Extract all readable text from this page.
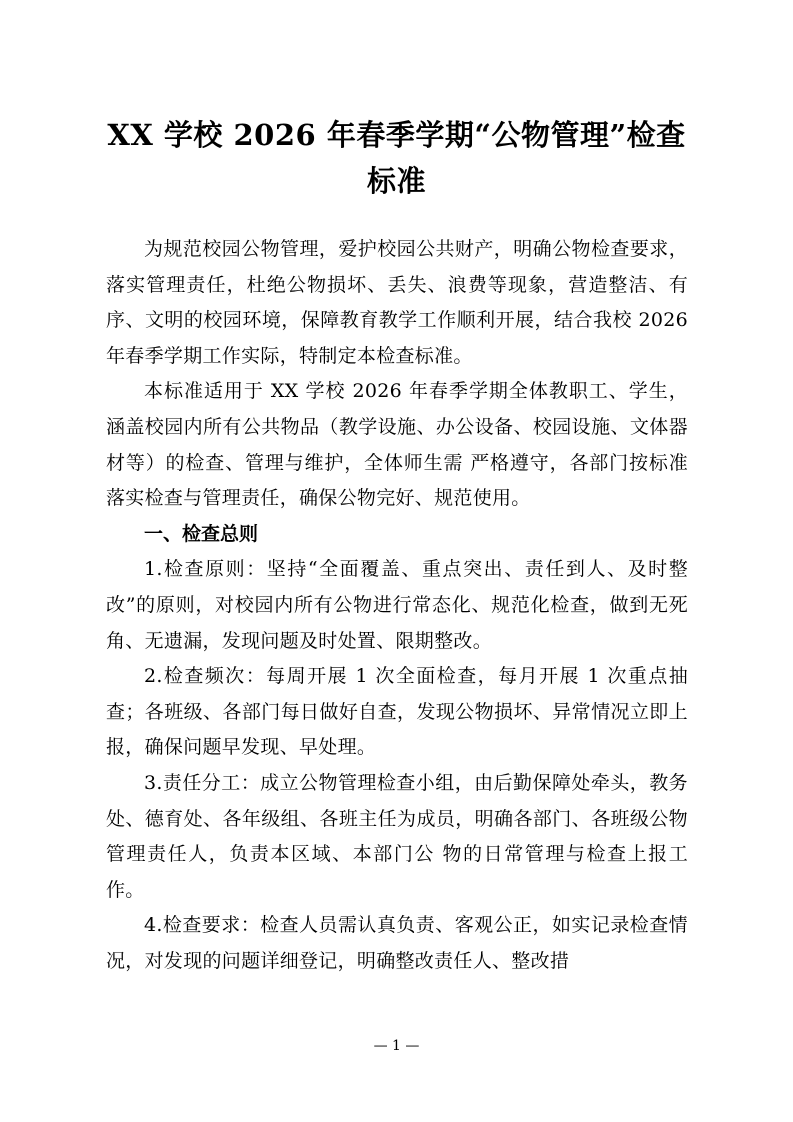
XX 学校 2026 年春季学期“公物管理”检查标准

为规范校园公物管理，爱护校园公共财产，明确公物检查要求，落实管理责任，杜绝公物损坏、丢失、浪费等现象，营造整洁、有序、文明的校园环境，保障教育教学工作顺利开展，结合我校 2026 年春季学期工作实际，特制定本检查标准。

本标准适用于 XX 学校 2026 年春季学期全体教职工、学生，涵盖校园内所有公共物品（教学设施、办公设备、校园设施、文体器材等）的检查、管理与维护，全体师生需 严格遵守，各部门按标准落实检查与管理责任，确保公物完好、规范使用。

一、检查总则

1.检查原则：坚持“全面覆盖、重点突出、责任到人、及时整改”的原则，对校园内所有公物进行常态化、规范化检查，做到无死角、无遗漏，发现问题及时处置、限期整改。

2.检查频次：每周开展 1 次全面检查，每月开展 1 次重点抽查；各班级、各部门每日做好自查，发现公物损坏、异常情况立即上报，确保问题早发现、早处理。

3.责任分工：成立公物管理检查小组，由后勤保障处牵头，教务处、德育处、各年级组、各班主任为成员，明确各部门、各班级公物管理责任人，负责本区域、本部门公 物的日常管理与检查上报工作。

4.检查要求：检查人员需认真负责、客观公正，如实记录检查情况，对发现的问题详细登记，明确整改责任人、整改措

— 1 —
